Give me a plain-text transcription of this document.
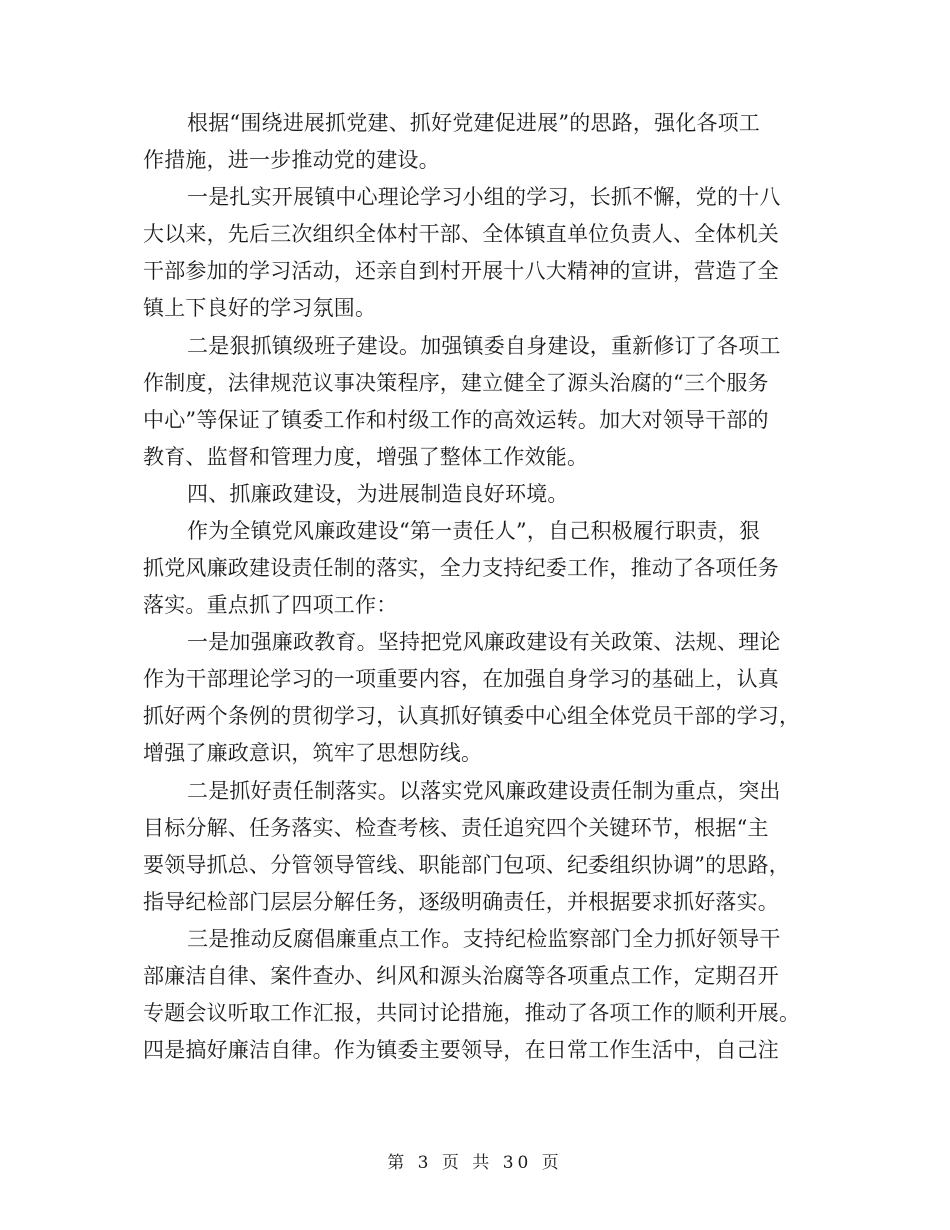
根据“围绕进展抓党建、抓好党建促进展”的思路，强化各项工
作措施，进一步推动党的建设。
一是扎实开展镇中心理论学习小组的学习，长抓不懈，党的十八
大以来，先后三次组织全体村干部、全体镇直单位负责人、全体机关
干部参加的学习活动，还亲自到村开展十八大精神的宣讲，营造了全
镇上下良好的学习氛围。
二是狠抓镇级班子建设。加强镇委自身建设，重新修订了各项工
作制度，法律规范议事决策程序，建立健全了源头治腐的“三个服务
中心”等保证了镇委工作和村级工作的高效运转。加大对领导干部的
教育、监督和管理力度，增强了整体工作效能。
四、抓廉政建设，为进展制造良好环境。
作为全镇党风廉政建设“第一责任人”，自己积极履行职责，狠
抓党风廉政建设责任制的落实，全力支持纪委工作，推动了各项任务
落实。重点抓了四项工作：
一是加强廉政教育。坚持把党风廉政建设有关政策、法规、理论
作为干部理论学习的一项重要内容，在加强自身学习的基础上，认真
抓好两个条例的贯彻学习，认真抓好镇委中心组全体党员干部的学习，
增强了廉政意识，筑牢了思想防线。
二是抓好责任制落实。以落实党风廉政建设责任制为重点，突出
目标分解、任务落实、检查考核、责任追究四个关键环节，根据“主
要领导抓总、分管领导管线、职能部门包项、纪委组织协调”的思路，
指导纪检部门层层分解任务，逐级明确责任，并根据要求抓好落实。
三是推动反腐倡廉重点工作。支持纪检监察部门全力抓好领导干
部廉洁自律、案件查办、纠风和源头治腐等各项重点工作，定期召开
专题会议听取工作汇报，共同讨论措施，推动了各项工作的顺利开展。
四是搞好廉洁自律。作为镇委主要领导，在日常工作生活中，自己注
第 3 页 共 30 页
